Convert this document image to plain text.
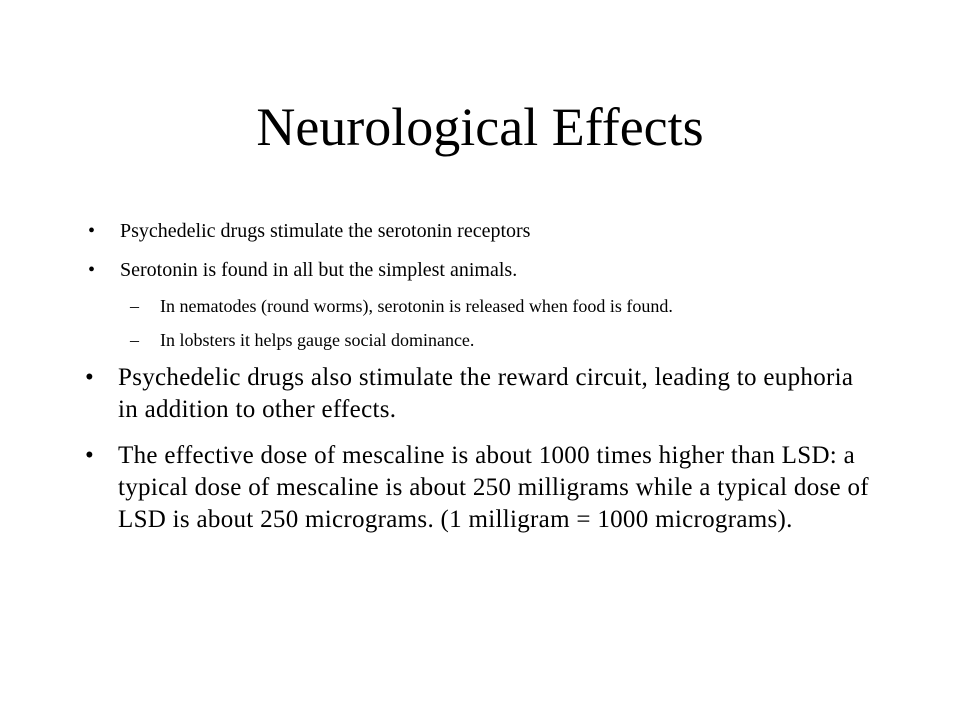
Neurological Effects
• Psychedelic drugs stimulate the serotonin receptors
• Serotonin is found in all but the simplest animals.
– In nematodes (round worms), serotonin is released when food is found.
– In lobsters it helps gauge social dominance.
• Psychedelic drugs also stimulate the reward circuit, leading to euphoria in addition to other effects.
• The effective dose of mescaline is about 1000 times higher than LSD: a typical dose of mescaline is about 250 milligrams while a typical dose of LSD is about 250 micrograms. (1 milligram = 1000 micrograms).
